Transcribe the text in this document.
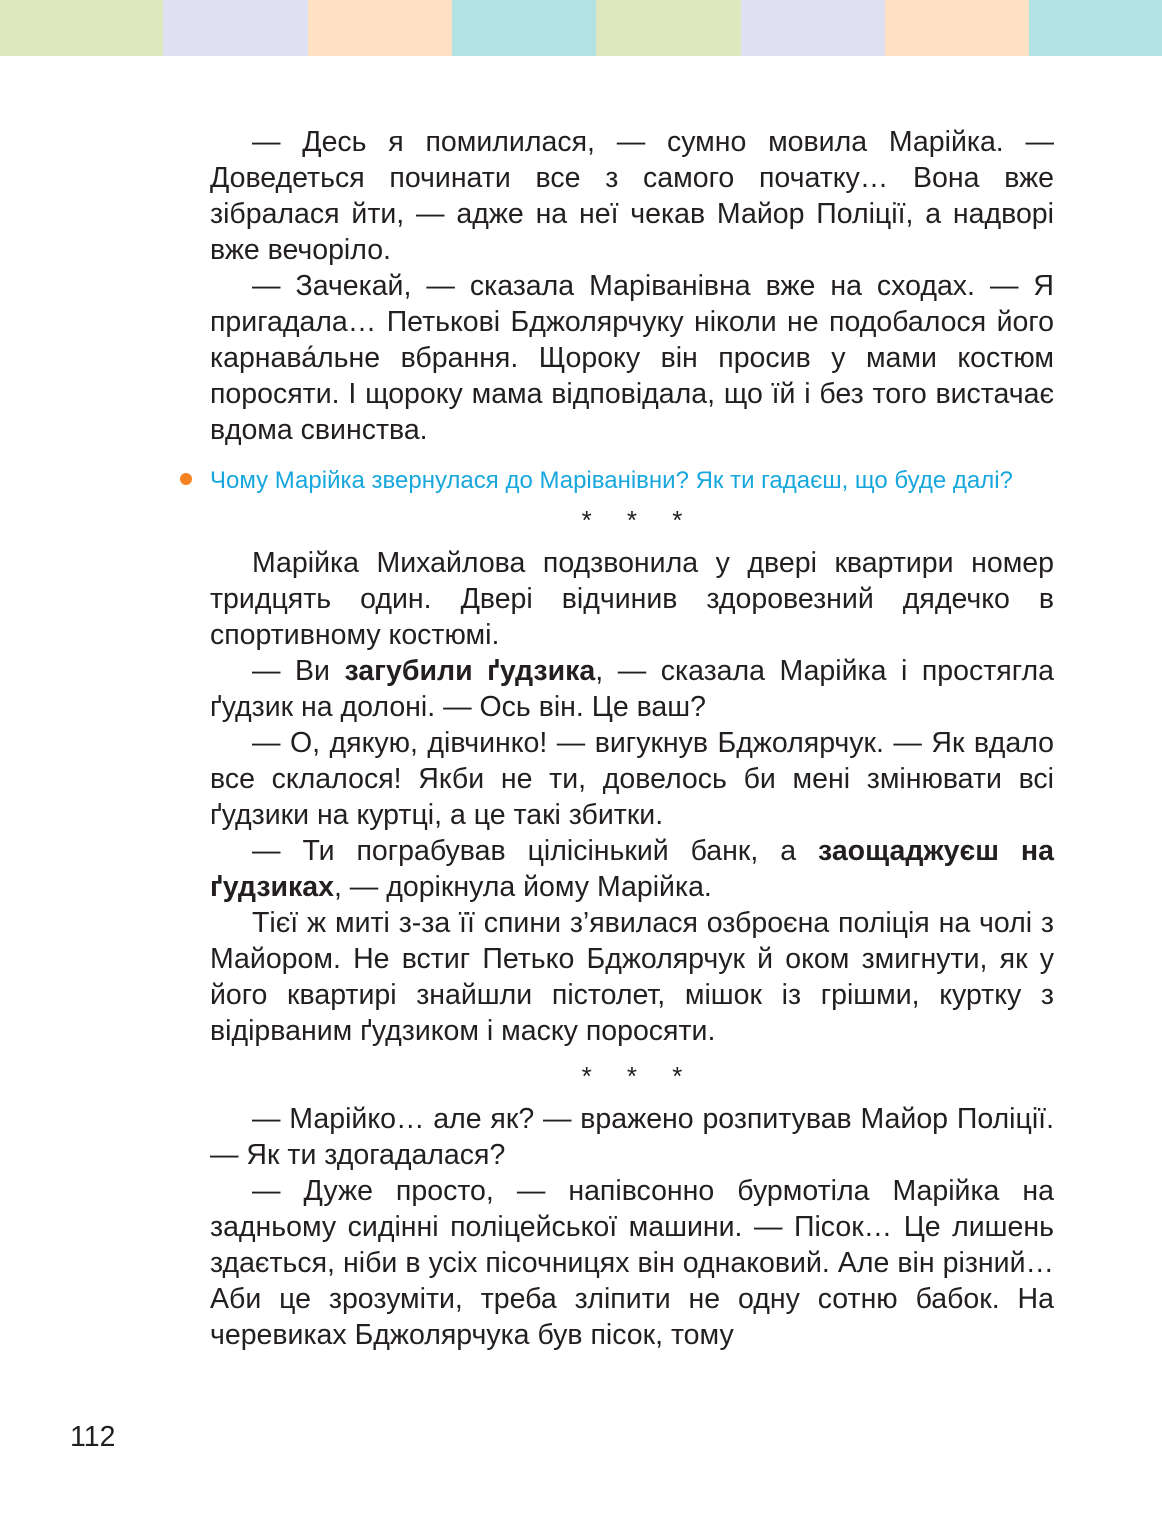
— Десь я помилилася, — сумно мовила Марійка. — Доведеться починати все з самого початку… Вона вже зібралася йти, — адже на неї чекав Майор Поліції, а надворі вже вечоріло.

— Зачекай, — сказала Маріванівна вже на сходах. — Я пригадала… Петькові Бджолярчуку ніколи не подобалося його карнава́льне вбрання. Щороку він просив у мами костюм поросяти. І щороку мама відповідала, що їй і без того вистачає вдома свинства.

Чому Марійка звернулася до Маріванівни? Як ти гадаєш, що буде далі?
* * *

Марійка Михайлова подзвонила у двері квартири номер тридцять один. Двері відчинив здоровезний дядечко в спортивному костюмі.

— Ви загубили ґудзика, — сказала Марійка і простягла ґудзик на долоні. — Ось він. Це ваш?

— О, дякую, дівчинко! — вигукнув Бджолярчук. — Як вдало все склалося! Якби не ти, довелось би мені змінювати всі ґудзики на куртці, а це такі збитки.

— Ти пограбував цілісінький банк, а заощаджуєш на ґудзиках, — дорікнула йому Марійка.

Тієї ж миті з-за її спини з’явилася озброєна поліція на чолі з Майором. Не встиг Петько Бджолярчук й оком змигнути, як у його квартирі знайшли пістолет, мішок із грішми, куртку з відірваним ґудзиком і маску поросяти.

* * *

— Марійко… але як? — вражено розпитував Майор Поліції. — Як ти здогадалася?

— Дуже просто, — напівсонно бурмотіла Марійка на задньому сидінні поліцейської машини. — Пісок… Це лишень здається, ніби в усіх пісочницях він однаковий. Але він різний… Аби це зрозуміти, треба зліпити не одну сотню бабок. На черевиках Бджолярчука був пісок, тому

112
